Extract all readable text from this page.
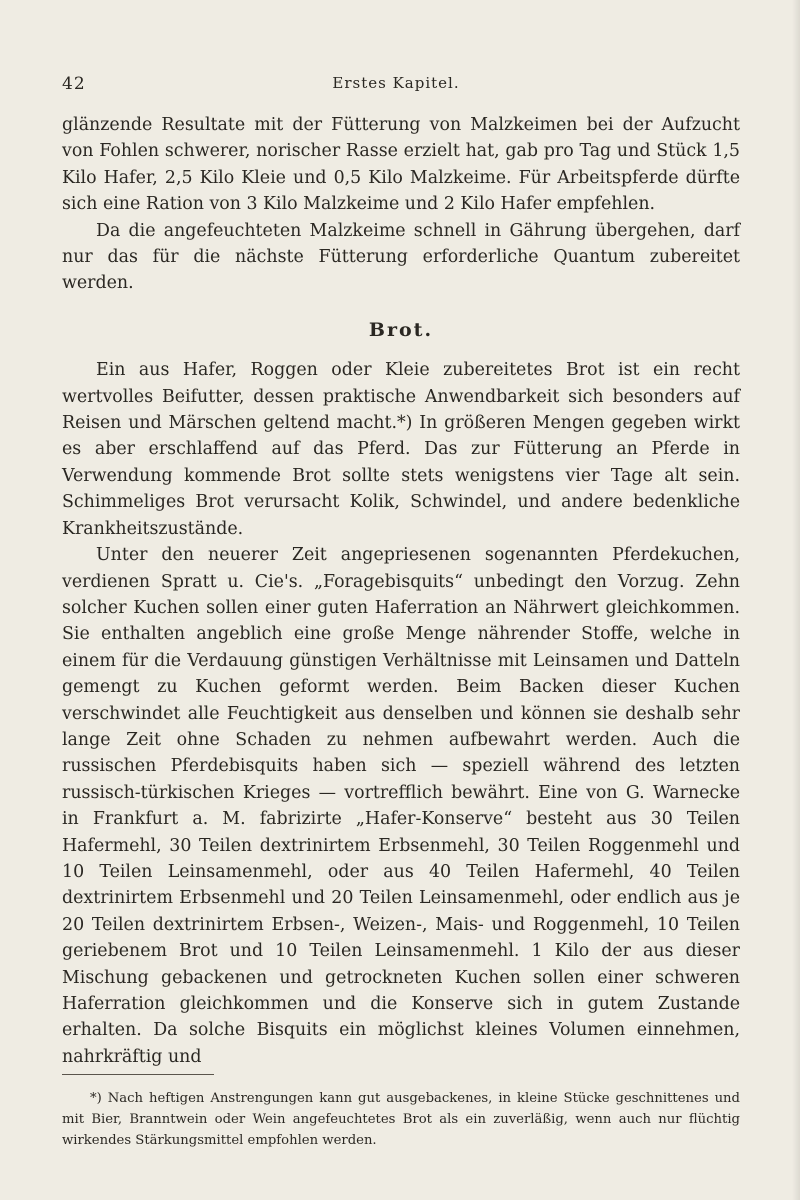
42	Erstes Kapitel.

glänzende Resultate mit der Fütterung von Malzkeimen bei der Aufzucht von Fohlen schwerer, norischer Rasse erzielt hat, gab pro Tag und Stück 1,5 Kilo Hafer, 2,5 Kilo Kleie und 0,5 Kilo Malzkeime. Für Arbeitspferde dürfte sich eine Ration von 3 Kilo Malzkeime und 2 Kilo Hafer empfehlen.

Da die angefeuchteten Malzkeime schnell in Gährung übergehen, darf nur das für die nächste Fütterung erforderliche Quantum zubereitet werden.

Brot.

Ein aus Hafer, Roggen oder Kleie zubereitetes Brot ist ein recht wertvolles Beifutter, dessen praktische Anwendbarkeit sich besonders auf Reisen und Märschen geltend macht.*) In größeren Mengen gegeben wirkt es aber erschlaffend auf das Pferd. Das zur Fütterung an Pferde in Verwendung kommende Brot sollte stets wenigstens vier Tage alt sein. Schimmeliges Brot verursacht Kolik, Schwindel, und andere bedenkliche Krankheitszustände.

Unter den neuerer Zeit angepriesenen sogenannten Pferdekuchen, verdienen Spratt u. Cie's. „Foragebisquits“ unbedingt den Vorzug. Zehn solcher Kuchen sollen einer guten Haferration an Nährwert gleichkommen. Sie enthalten angeblich eine große Menge nährender Stoffe, welche in einem für die Verdauung günstigen Verhältnisse mit Leinsamen und Datteln gemengt zu Kuchen geformt werden. Beim Backen dieser Kuchen verschwindet alle Feuchtigkeit aus denselben und können sie deshalb sehr lange Zeit ohne Schaden zu nehmen aufbewahrt werden. Auch die russischen Pferdebisquits haben sich — speziell während des letzten russisch-türkischen Krieges — vortrefflich bewährt. Eine von G. Warnecke in Frankfurt a. M. fabrizirte „Hafer-Konserve“ besteht aus 30 Teilen Hafermehl, 30 Teilen dextrinirtem Erbsenmehl, 30 Teilen Roggenmehl und 10 Teilen Leinsamenmehl, oder aus 40 Teilen Hafermehl, 40 Teilen dextrinirtem Erbsenmehl und 20 Teilen Leinsamenmehl, oder endlich aus je 20 Teilen dextrinirtem Erbsen-, Weizen-, Mais- und Roggenmehl, 10 Teilen geriebenem Brot und 10 Teilen Leinsamenmehl. 1 Kilo der aus dieser Mischung gebackenen und getrockneten Kuchen sollen einer schweren Haferration gleichkommen und die Konserve sich in gutem Zustande erhalten. Da solche Bisquits ein möglichst kleines Volumen einnehmen, nahrkräftig und

*) Nach heftigen Anstrengungen kann gut ausgebackenes, in kleine Stücke geschnittenes und mit Bier, Branntwein oder Wein angefeuchtetes Brot als ein zuverläßig, wenn auch nur flüchtig wirkendes Stärkungsmittel empfohlen werden.
